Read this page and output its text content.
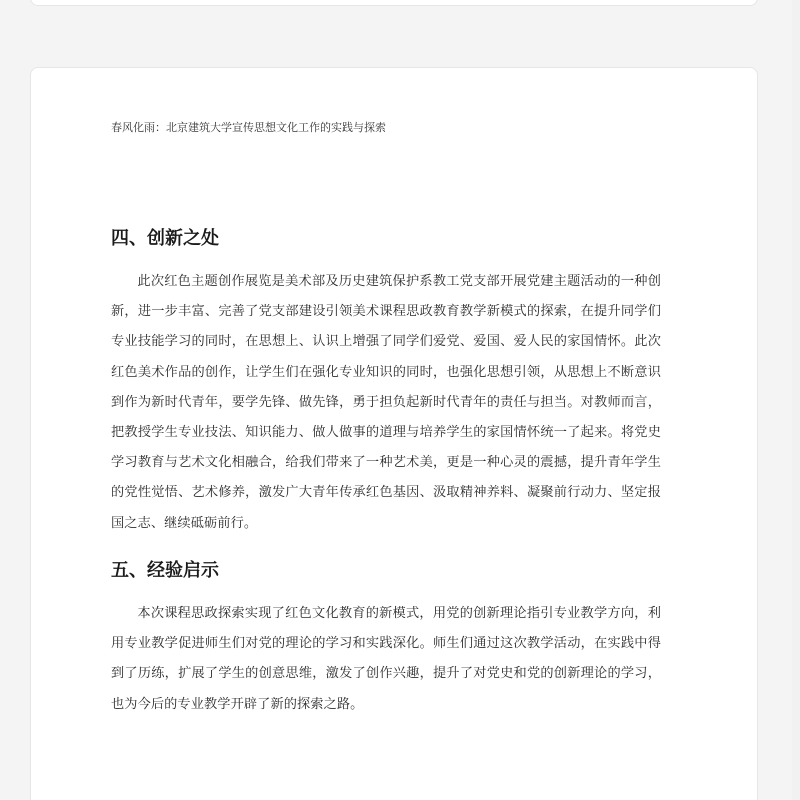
春风化雨：北京建筑大学宣传思想文化工作的实践与探索
四、创新之处

此次红色主题创作展览是美术部及历史建筑保护系教工党支部开展党建主题活动的一种创新，进一步丰富、完善了党支部建设引领美术课程思政教育教学新模式的探索，在提升同学们专业技能学习的同时，在思想上、认识上增强了同学们爱党、爱国、爱人民的家国情怀。此次红色美术作品的创作，让学生们在强化专业知识的同时，也强化思想引领，从思想上不断意识到作为新时代青年，要学先锋、做先锋，勇于担负起新时代青年的责任与担当。对教师而言，把教授学生专业技法、知识能力、做人做事的道理与培养学生的家国情怀统一了起来。将党史学习教育与艺术文化相融合，给我们带来了一种艺术美，更是一种心灵的震撼，提升青年学生的党性觉悟、艺术修养，激发广大青年传承红色基因、汲取精神养料、凝聚前行动力、坚定报国之志、继续砥砺前行。

五、经验启示

本次课程思政探索实现了红色文化教育的新模式，用党的创新理论指引专业教学方向，利用专业教学促进师生们对党的理论的学习和实践深化。师生们通过这次教学活动，在实践中得到了历练，扩展了学生的创意思维，激发了创作兴趣，提升了对党史和党的创新理论的学习，也为今后的专业教学开辟了新的探索之路。
